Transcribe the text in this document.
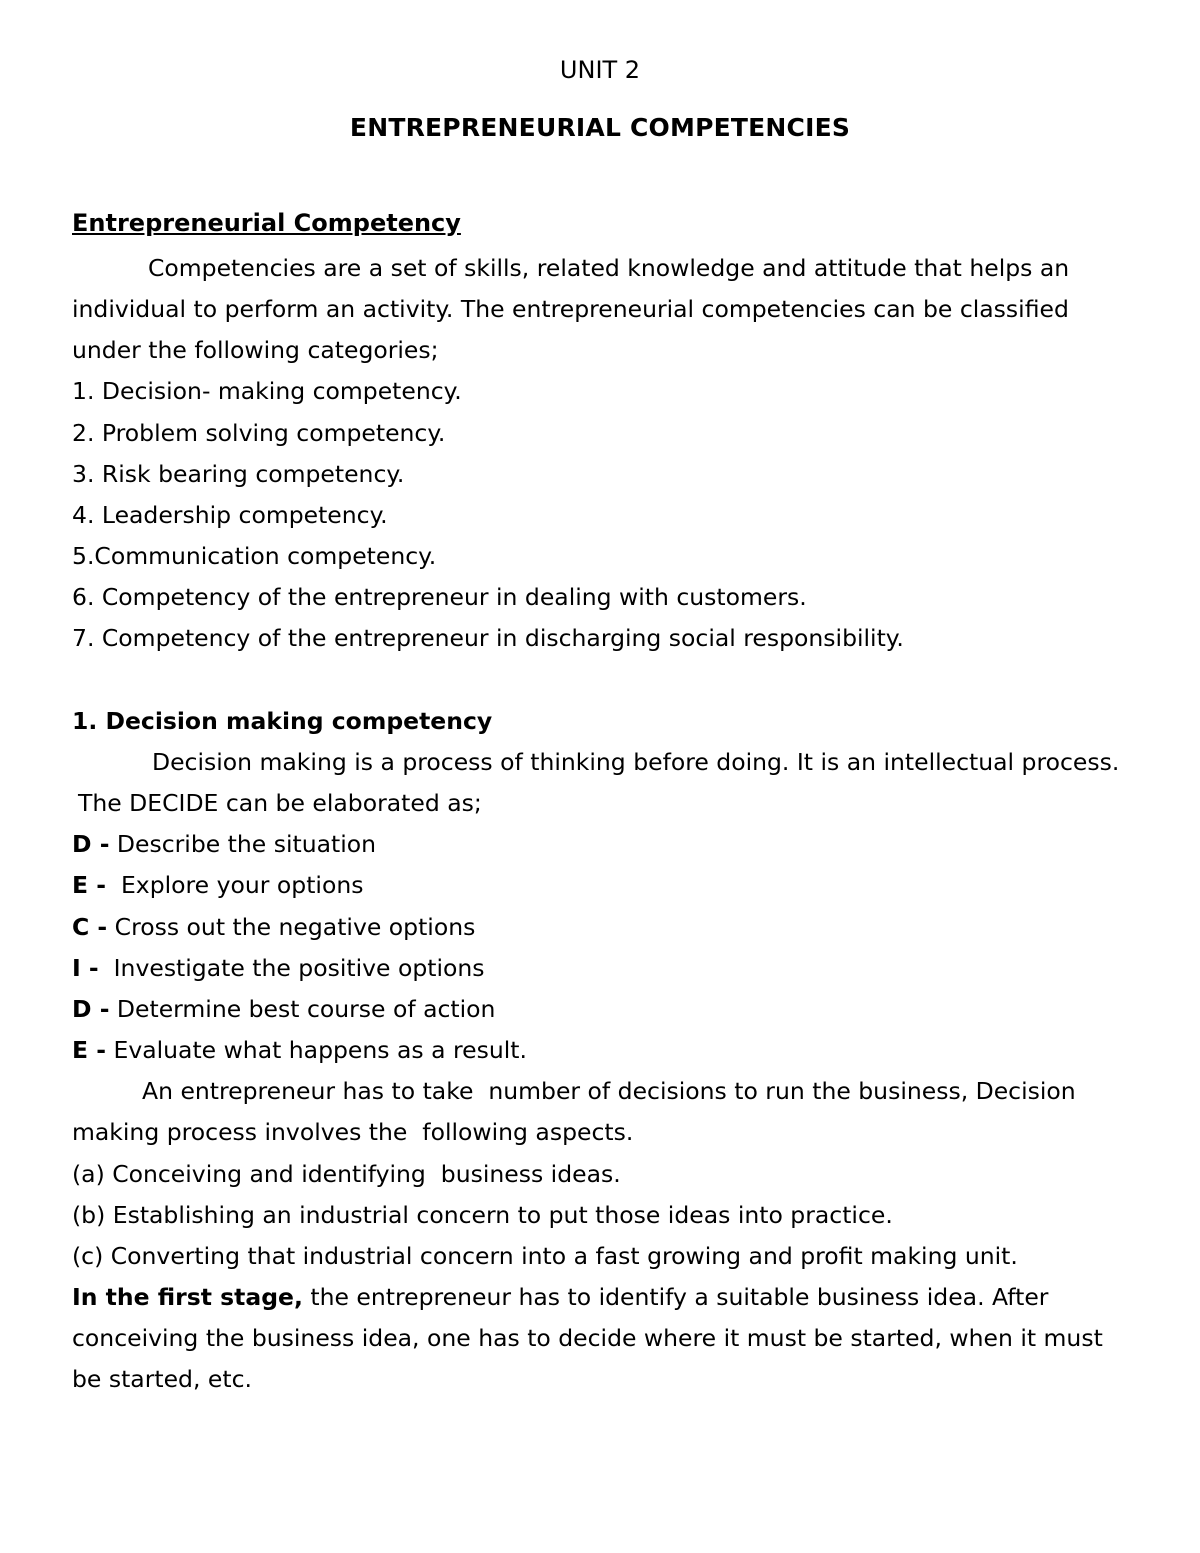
UNIT 2
ENTREPRENEURIAL COMPETENCIES
Entrepreneurial Competency
Competencies are a set of skills, related knowledge and attitude that helps an
individual to perform an activity. The entrepreneurial competencies can be classified
under the following categories;
1. Decision- making competency.
2. Problem solving competency.
3. Risk bearing competency.
4. Leadership competency.
5.Communication competency.
6. Competency of the entrepreneur in dealing with customers.
7. Competency of the entrepreneur in discharging social responsibility.
1. Decision making competency
Decision making is a process of thinking before doing. It is an intellectual process.
The DECIDE can be elaborated as;
D - Describe the situation
E -  Explore your options
C - Cross out the negative options
I -  Investigate the positive options
D - Determine best course of action
E - Evaluate what happens as a result.
An entrepreneur has to take  number of decisions to run the business, Decision
making process involves the  following aspects.
(a) Conceiving and identifying  business ideas.
(b) Establishing an industrial concern to put those ideas into practice.
(c) Converting that industrial concern into a fast growing and profit making unit.
In the first stage, the entrepreneur has to identify a suitable business idea. After
conceiving the business idea, one has to decide where it must be started, when it must
be started, etc.
